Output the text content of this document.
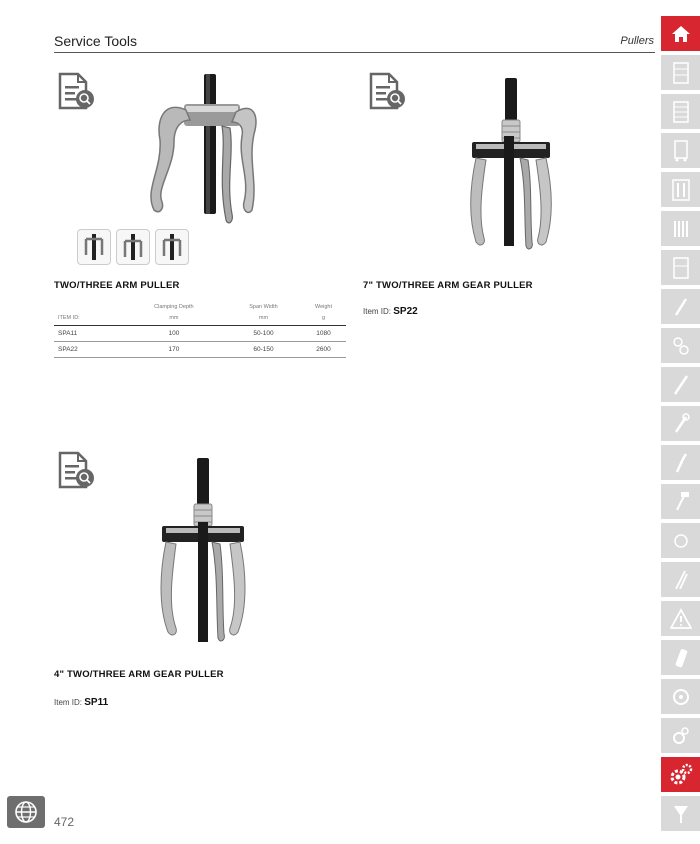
Service Tools	Pullers
TWO/THREE ARM PULLER
	Clamping Depth	Span Width	Weight
ITEM ID:	mm	mm	g
SPA11	100	50-100	1080
SPA22	170	60-150	2600
7" TWO/THREE ARM GEAR PULLER
Item ID: SP22
4" TWO/THREE ARM GEAR PULLER
Item ID: SP11
472
